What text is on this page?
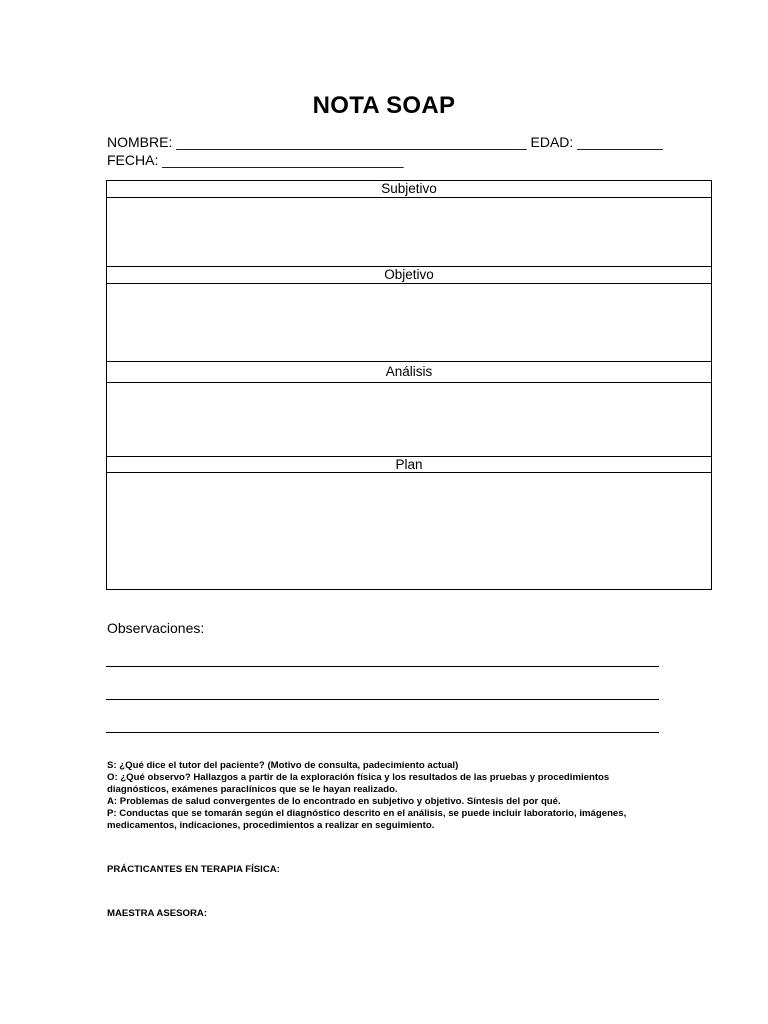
NOTA SOAP
NOMBRE: _____________________________________________ EDAD: ___________
FECHA: _______________________________
Subjetivo
Objetivo
Análisis
Plan
Observaciones:

S: ¿Qué dice el tutor del paciente? (Motivo de consulta, padecimiento actual)

O: ¿Qué observo? Hallazgos a partir de la exploración física y los resultados de las pruebas y procedimientos diagnósticos, exámenes paraclínicos que se le hayan realizado.

A: Problemas de salud convergentes de lo encontrado en subjetivo y objetivo. Síntesis del por qué.

P: Conductas que se tomarán según el diagnóstico descrito en el análisis, se puede incluir laboratorio, imágenes, medicamentos, indicaciones, procedimientos a realizar en seguimiento.

PRÁCTICANTES EN TERAPIA FÍSICA:
MAESTRA ASESORA:
